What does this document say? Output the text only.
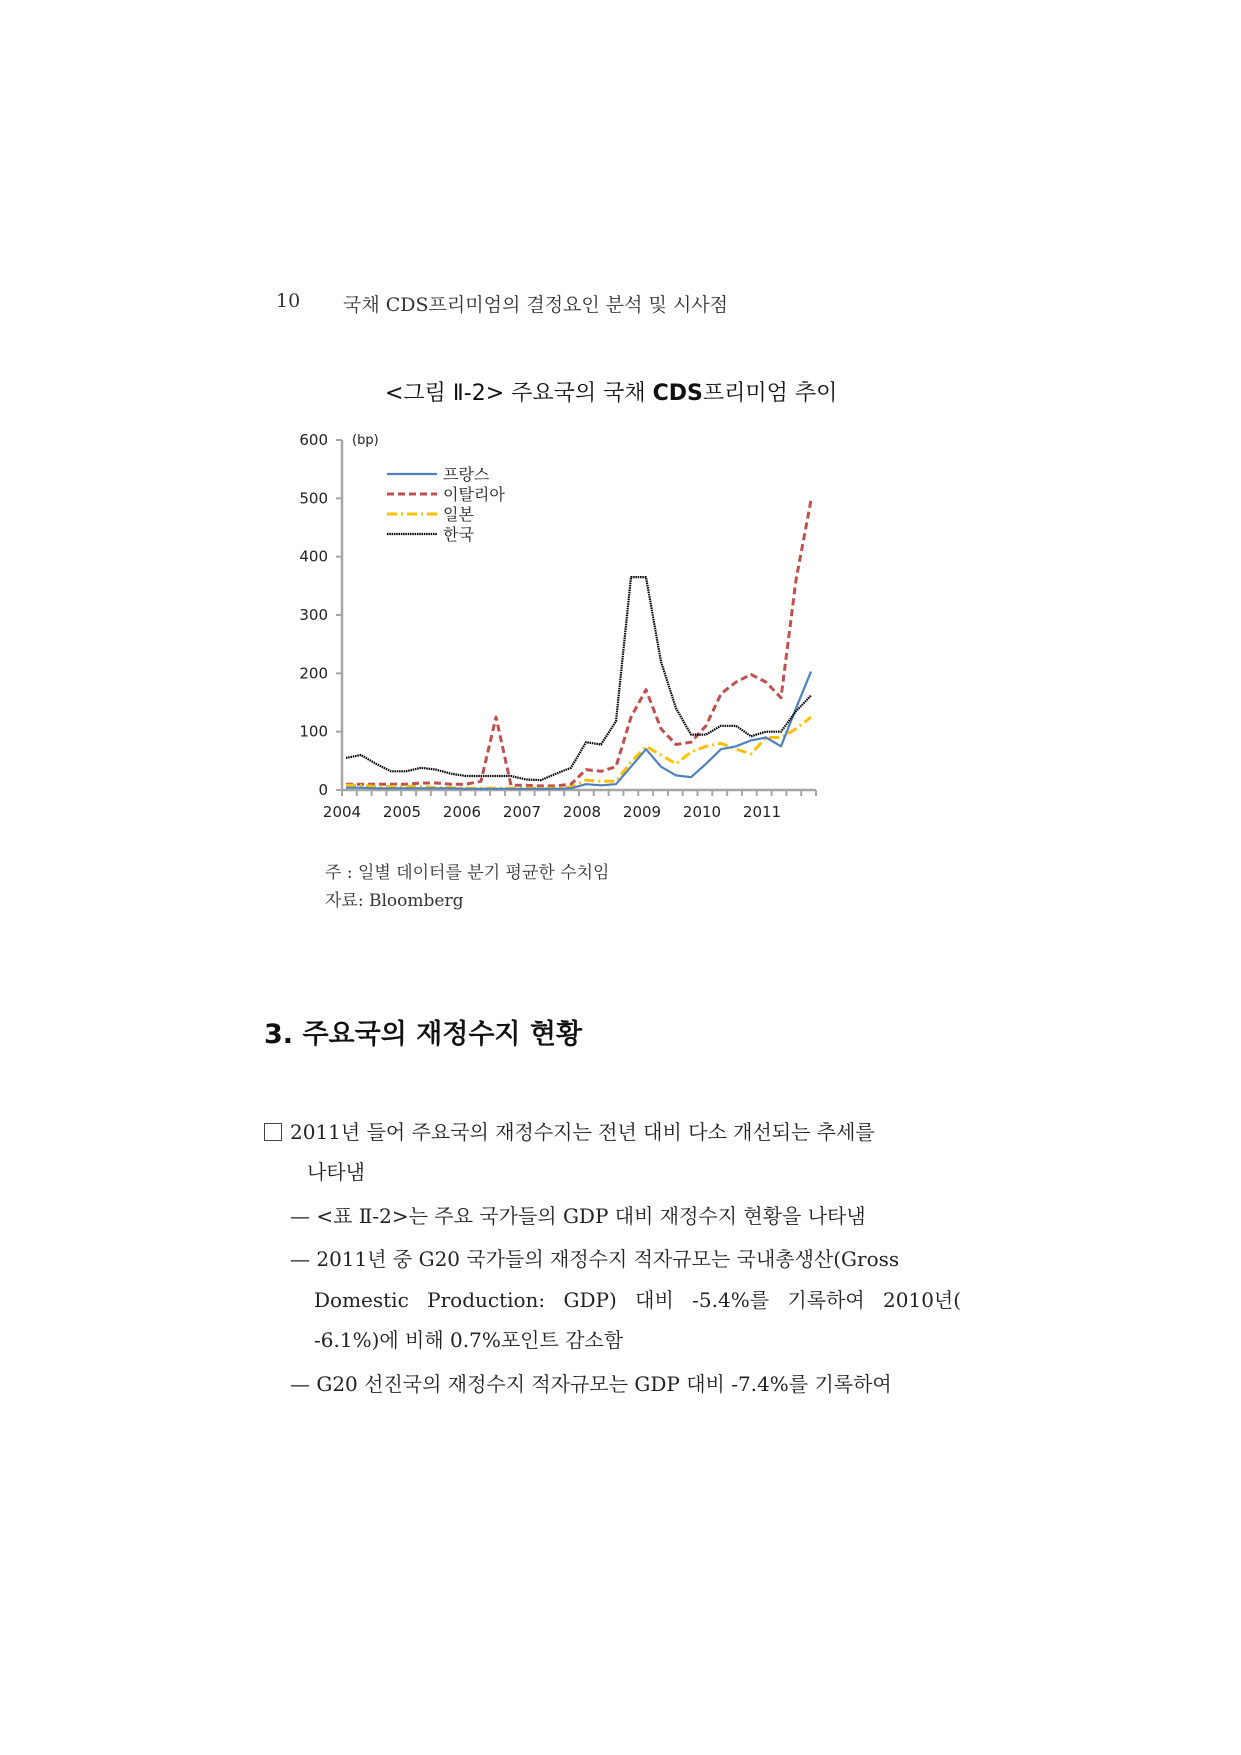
10 국채 CDS프리미엄의 결정요인 분석 및 시사점
<그림 Ⅱ-2> 주요국의 국채 CDS프리미엄 추이
0
100
200
300
400
500
600 (bp)
2004 2005 2006 2007 2008 2009 2010 2011
프랑스
이탈리아
일본
한국
주 : 일별 데이터를 분기 평균한 수치임
자료: Bloomberg
3. 주요국의 재정수지 현황
2011년 들어 주요국의 재정수지는 전년 대비 다소 개선되는 추세를
나타냄
— <표 Ⅱ-2>는 주요 국가들의 GDP 대비 재정수지 현황을 나타냄
— 2011년 중 G20 국가들의 재정수지 적자규모는 국내총생산(Gross
Domestic Production: GDP) 대비 -5.4%를 기록하여 2010년(
-6.1%)에 비해 0.7%포인트 감소함
— G20 선진국의 재정수지 적자규모는 GDP 대비 -7.4%를 기록하여
